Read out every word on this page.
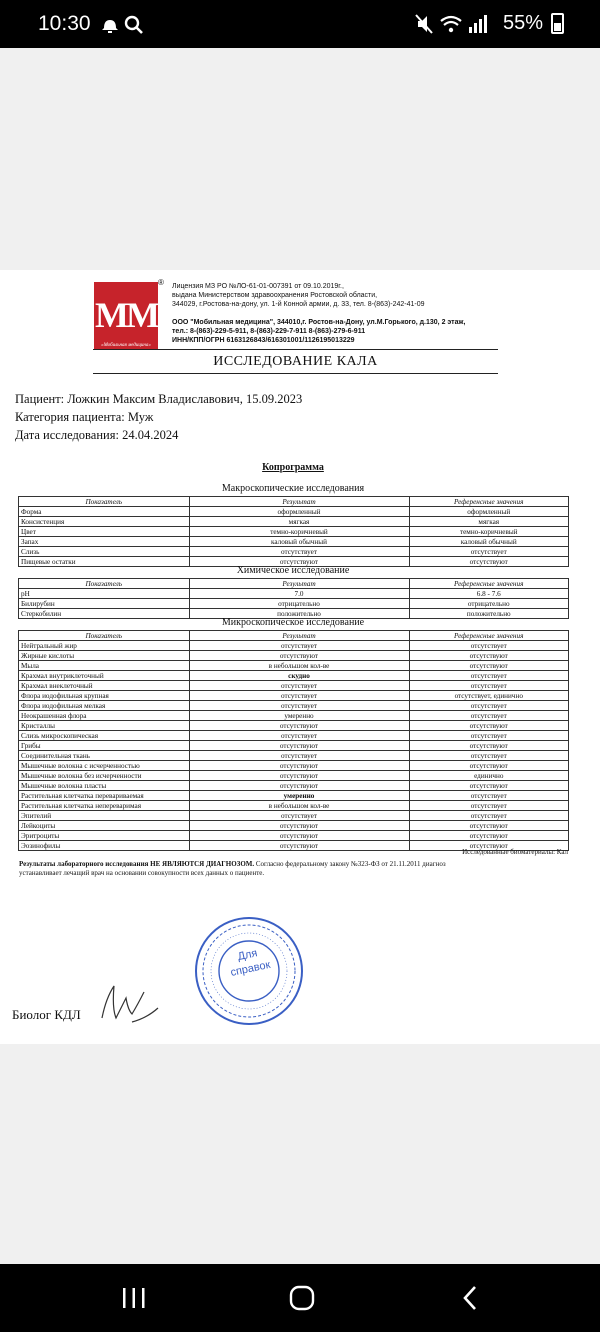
10:30	55%
ММ
«Мобильная медицина»
® Лицензия МЗ РО №ЛО-61-01-007391 от 09.10.2019г.,
выдана Министерством здравоохранения Ростовской области,
344029, г.Ростова-на-дону, ул. 1-й Конной армии, д. 33, тел. 8-(863)-242-41-09
ООО "Мобильная медицина", 344010,г. Ростов-на-Дону, ул.М.Горького, д.130, 2 этаж,
тел.: 8-(863)-229-5-911, 8-(863)-229-7-911 8-(863)-279-6-911
ИНН/КПП/ОГРН 6163126843/616301001/1126195013229
ИССЛЕДОВАНИЕ КАЛА
Пациент: Ложкин Максим Владиславович, 15.09.2023
Категория пациента: Муж
Дата исследования: 24.04.2024
Копрограмма
Макроскопические исследования
Показатель	Результат	Референсные значения
Форма	оформленный	оформленный
Консистенция	мягкая	мягкая
Цвет	темно-коричневый	темно-коричневый
Запах	каловый обычный	каловый обычный
Слизь	отсутствует	отсутствует
Пищевые остатки	отсутствуют	отсутствуют
Химическое исследование
Показатель	Результат	Референсные значения
pH	7.0	6.8 - 7.6
Билирубин	отрицательно	отрицательно
Стеркобилин	положительно	положительно
Микроскопическое исследование
Показатель	Результат	Референсные значения
Нейтральный жир	отсутствует	отсутствует
Жирные кислоты	отсутствуют	отсутствуют
Мыла	в небольшом кол-ве	отсутствуют
Крахмал внутриклеточный	скудно	отсутствует
Крахмал внеклеточный	отсутствует	отсутствует
Флора иодофильная крупная	отсутствует	отсутствует, единично
Флора иодофильная мелкая	отсутствует	отсутствует
Неокрашенная флора	умеренно	отсутствует
Кристаллы	отсутствуют	отсутствуют
Слизь микроскопическая	отсутствует	отсутствует
Грибы	отсутствуют	отсутствуют
Соединительная ткань	отсутствует	отсутствует
Мышечные волокна с исчерченностью	отсутствуют	отсутствуют
Мышечные волокна без исчерченности	отсутствуют	единично
Мышечные волокна пласты	отсутствуют	отсутствуют
Растительная клетчатка перевариваемая	умеренно	отсутствует
Растительная клетчатка непереваримая	в небольшом кол-ве	отсутствует
Эпителий	отсутствует	отсутствует
Лейкоциты	отсутствуют	отсутствуют
Эритроциты	отсутствуют	отсутствуют
Эозинофилы	отсутствуют	отсутствуют
Исследованные биоматериалы: Кал
Результаты лабораторного исследования НЕ ЯВЛЯЮТСЯ ДИАГНОЗОМ. Согласно федеральному закону №323-ФЗ от 21.11.2011 диагноз
устанавливает лечащий врач на основании совокупности всех данных о пациенте.
Для справок
Биолог КДЛ
